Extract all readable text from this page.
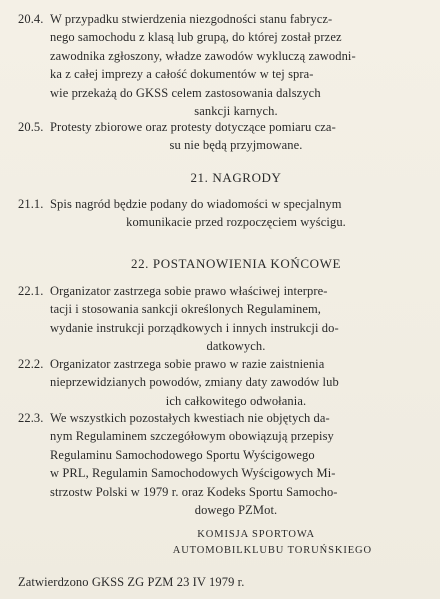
20.4. W przypadku stwierdzenia niezgodności stanu fabrycz-
nego samochodu z klasą lub grupą, do której został przez
zawodnika zgłoszony, władze zawodów wykluczą zawodni-
ka z całej imprezy a całość dokumentów w tej spra-
wie przekażą do GKSS celem zastosowania dalszych
sankcji karnych.
20.5. Protesty zbiorowe oraz protesty dotyczące pomiaru cza-
su nie będą przyjmowane.
21. NAGRODY
21.1. Spis nagród będzie podany do wiadomości w specjalnym
komunikacie przed rozpoczęciem wyścigu.
22. POSTANOWIENIA KOŃCOWE
22.1. Organizator zastrzega sobie prawo właściwej interpre-
tacji i stosowania sankcji określonych Regulaminem,
wydanie instrukcji porządkowych i innych instrukcji do-
datkowych.
22.2. Organizator zastrzega sobie prawo w razie zaistnienia
nieprzewidzianych powodów, zmiany daty zawodów lub
ich całkowitego odwołania.
22.3. We wszystkich pozostałych kwestiach nie objętych da-
nym Regulaminem szczegółowym obowiązują przepisy
Regulaminu Samochodowego Sportu Wyścigowego
w PRL, Regulamin Samochodowych Wyścigowych Mi-
strzostw Polski w 1979 r. oraz Kodeks Sportu Samocho-
dowego PZMot.
KOMISJA SPORTOWA
AUTOMOBILKLUBU TORUŃSKIEGO
Zatwierdzono GKSS ZG PZM 23 IV 1979 r.
